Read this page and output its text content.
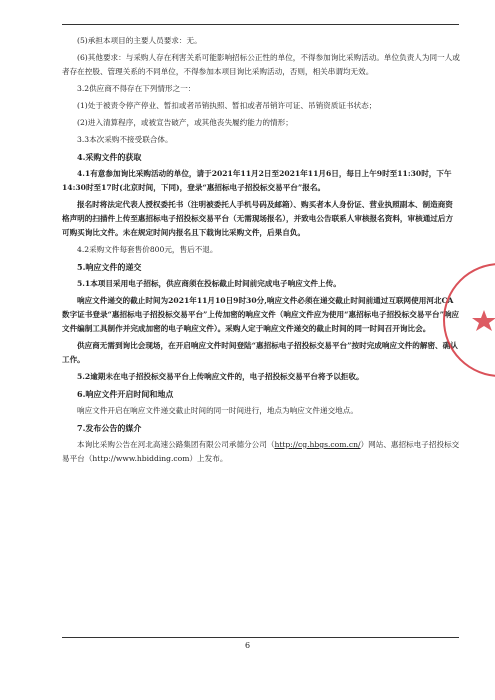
(5)承担本项目的主要人员要求：无。

(6)其他要求：与采购人存在利害关系可能影响招标公正性的单位，不得参加询比采购活动。单位负责人为同一人或者存在控股、管理关系的不同单位，不得参加本项目询比采购活动，否则，相关串谓均无效。

3.2供应商不得存在下列情形之一：

(1)处于被责令停产停业、暂扣或者吊销执照、暂扣或者吊销许可证、吊销资质证书状态；

(2)进入清算程序，或被宣告破产，或其他丧失履约能力的情形；

3.3本次采购不接受联合体。

4.采购文件的获取

4.1有意参加询比采购活动的单位，请于2021年11月2日至2021年11月6日，每日上午9时至11:30时，下午14:30时至17时(北京时间，下同)，登录“惠招标电子招投标交易平台”报名。

报名时将法定代表人授权委托书（注明被委托人手机号码及邮箱）、购买者本人身份证、营业执照副本、制造商资格声明的扫描件上传至惠招标电子招投标交易平台（无需现场报名），并致电公告联系人审核报名资料，审核通过后方可购买询比文件。未在规定时间内报名且下载询比采购文件，后果自负。

4.2采购文件每套售价800元，售后不退。

5.响应文件的递交

5.1本项目采用电子招标，供应商须在投标截止时间前完成电子响应文件上传。

响应文件递交的截止时间为2021年11月10日9时30分,响应文件必须在递交截止时间前通过互联网使用河北CA数字证书登录“惠招标电子招投标交易平台”上传加密的响应文件（响应文件应为使用“惠招标电子招投标交易平台”响应文件编制工具制作并完成加密的电子响应文件）。采购人定于响应文件递交的截止时间的同一时间召开询比会。

供应商无需到询比会现场，在开启响应文件时间登陆“惠招标电子招投标交易平台”按时完成响应文件的解密、确认工作。

5.2逾期未在电子招投标交易平台上传响应文件的，电子招投标交易平台将予以拒收。

6.响应文件开启时间和地点

响应文件开启在响应文件递交截止时间的同一时间进行，地点为响应文件递交地点。

7.发布公告的媒介

本询比采购公告在河北高速公路集团有限公司承德分公司（http://cg.hbgs.com.cn/）网站、惠招标电子招投标交易平台（http://www.hbidding.com）上发布。

6
